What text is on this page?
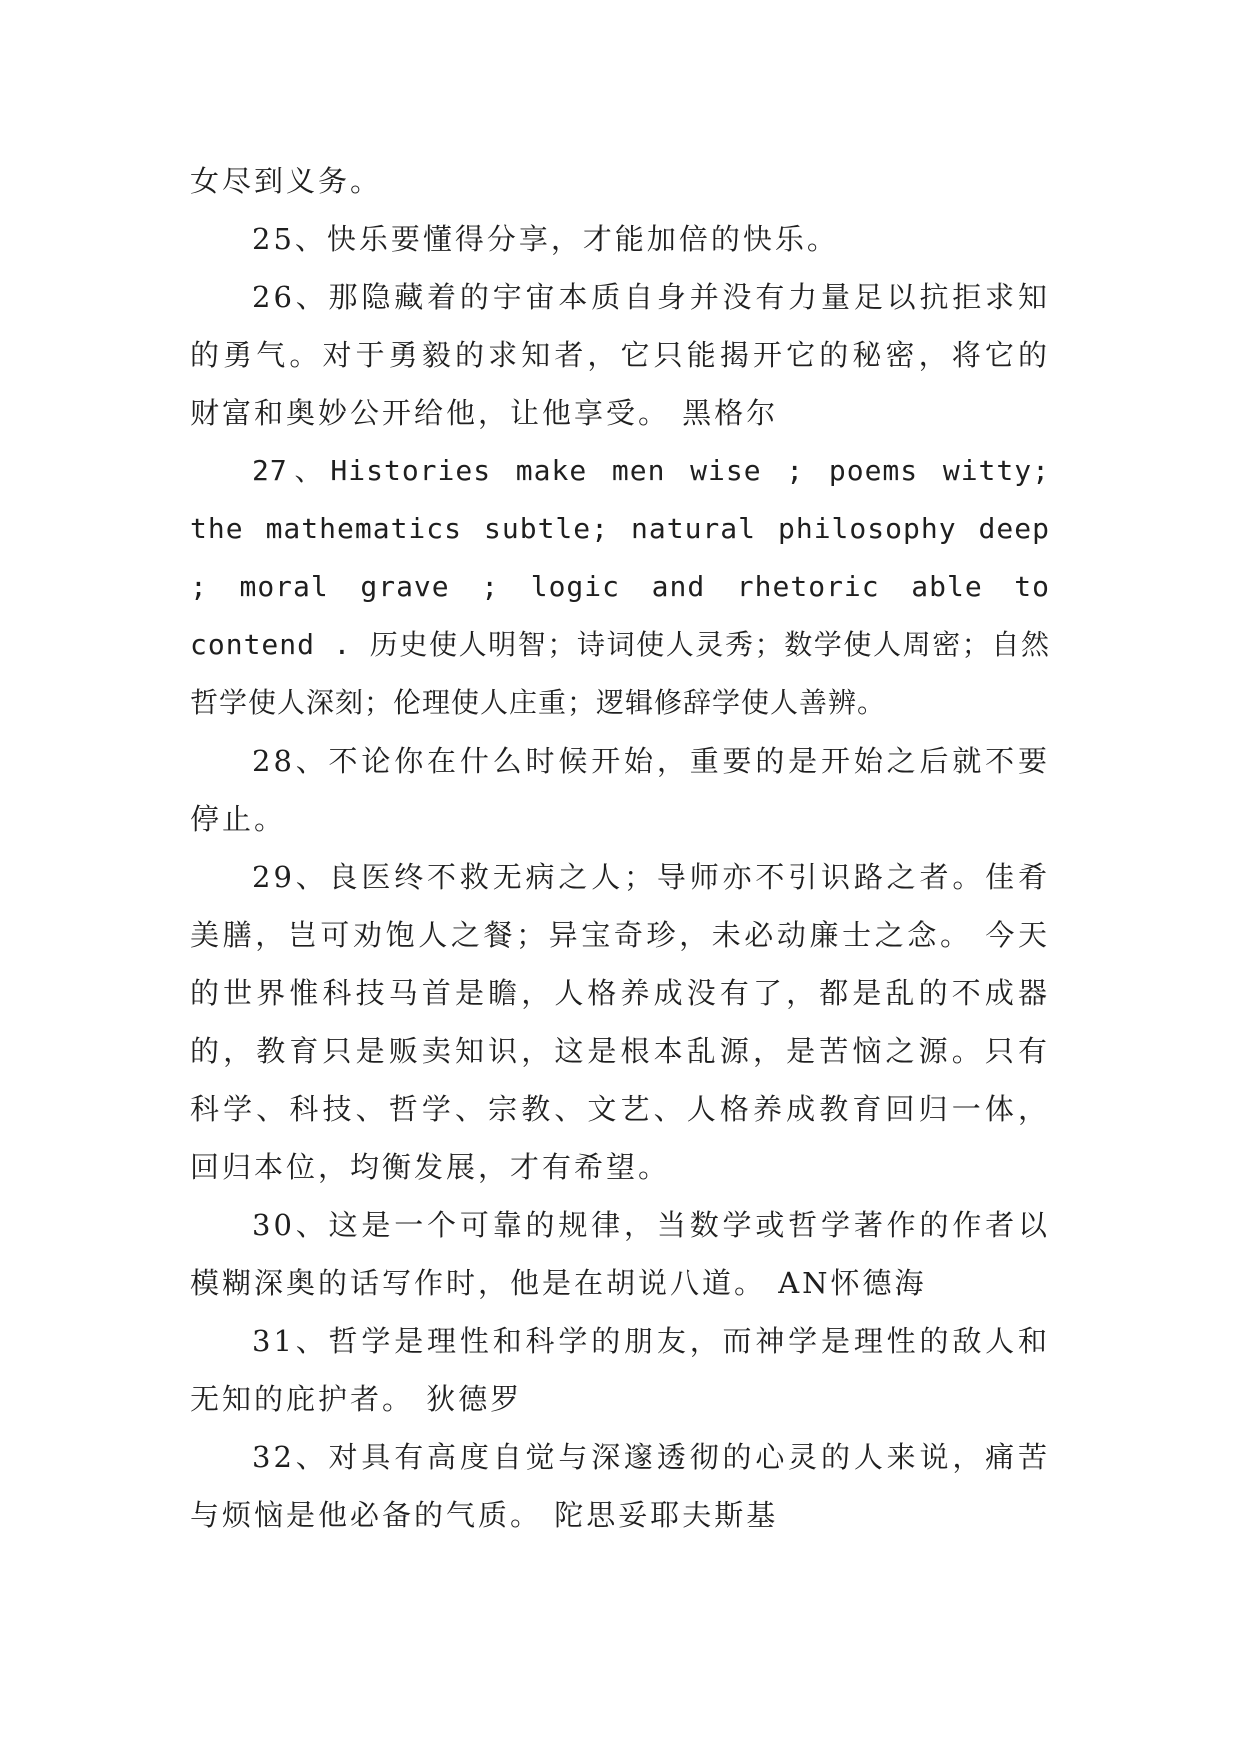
女尽到义务。

25、快乐要懂得分享，才能加倍的快乐。

26、那隐藏着的宇宙本质自身并没有力量足以抗拒求知的勇气。对于勇毅的求知者，它只能揭开它的秘密，将它的财富和奥妙公开给他，让他享受。 黑格尔

27、Histories make men wise ; poems witty; the mathematics subtle; natural philosophy deep ; moral grave ; logic and rhetoric able to contend . 历史使人明智；诗词使人灵秀；数学使人周密；自然哲学使人深刻；伦理使人庄重；逻辑修辞学使人善辨。

28、不论你在什么时候开始，重要的是开始之后就不要停止。

29、良医终不救无病之人；导师亦不引识路之者。佳肴美膳，岂可劝饱人之餐；异宝奇珍，未必动廉士之念。 今天的世界惟科技马首是瞻，人格养成没有了，都是乱的不成器的，教育只是贩卖知识，这是根本乱源，是苦恼之源。只有科学、科技、哲学、宗教、文艺、人格养成教育回归一体，回归本位，均衡发展，才有希望。

30、这是一个可靠的规律，当数学或哲学著作的作者以模糊深奥的话写作时，他是在胡说八道。 AN怀德海

31、哲学是理性和科学的朋友，而神学是理性的敌人和无知的庇护者。 狄德罗

32、对具有高度自觉与深邃透彻的心灵的人来说，痛苦与烦恼是他必备的气质。 陀思妥耶夫斯基
